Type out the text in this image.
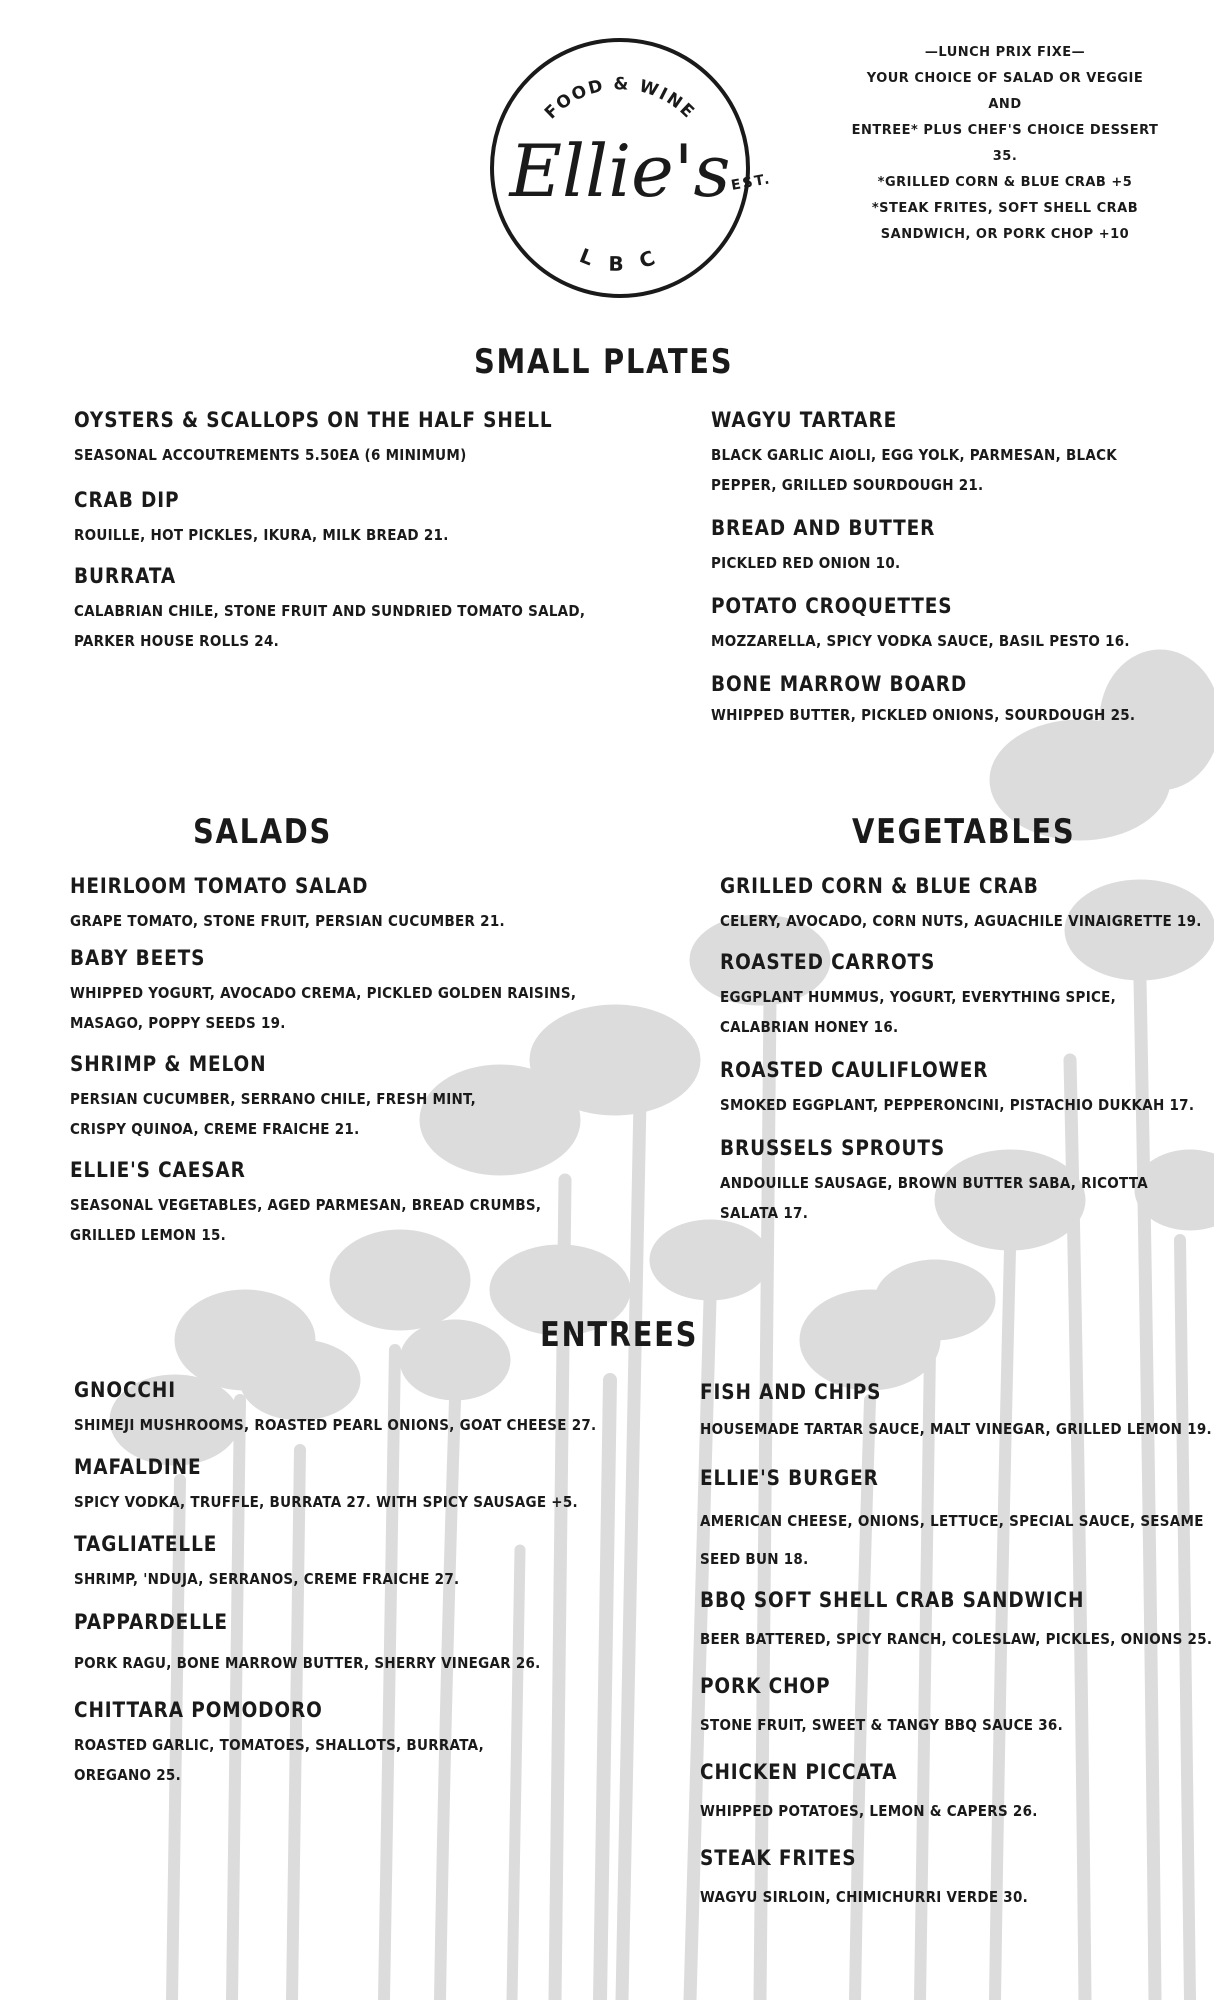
FOOD & WINE
Ellie's
L B C
EST.
—LUNCH PRIX FIXE—
YOUR CHOICE OF SALAD OR VEGGIE AND
ENTREE* PLUS CHEF'S CHOICE DESSERT 35.
*GRILLED CORN & BLUE CRAB +5
*STEAK FRITES, SOFT SHELL CRAB
SANDWICH, OR PORK CHOP +10
SMALL PLATES
OYSTERS & SCALLOPS ON THE HALF SHELL

SEASONAL ACCOUTREMENTS 5.50EA (6 MINIMUM)

CRAB DIP

ROUILLE, HOT PICKLES, IKURA, MILK BREAD 21.

BURRATA

CALABRIAN CHILE, STONE FRUIT AND SUNDRIED TOMATO SALAD,

PARKER HOUSE ROLLS 24.

WAGYU TARTARE

BLACK GARLIC AIOLI, EGG YOLK, PARMESAN, BLACK

PEPPER, GRILLED SOURDOUGH 21.

BREAD AND BUTTER

PICKLED RED ONION 10.

POTATO CROQUETTES

MOZZARELLA, SPICY VODKA SAUCE, BASIL PESTO 16.

BONE MARROW BOARD

WHIPPED BUTTER, PICKLED ONIONS, SOURDOUGH 25.

SALADS
HEIRLOOM TOMATO SALAD

GRAPE TOMATO, STONE FRUIT, PERSIAN CUCUMBER 21.

BABY BEETS

WHIPPED YOGURT, AVOCADO CREMA, PICKLED GOLDEN RAISINS,

MASAGO, POPPY SEEDS 19.

SHRIMP & MELON

PERSIAN CUCUMBER, SERRANO CHILE, FRESH MINT,

CRISPY QUINOA, CREME FRAICHE 21.

ELLIE'S CAESAR

SEASONAL VEGETABLES, AGED PARMESAN, BREAD CRUMBS,

GRILLED LEMON 15.

VEGETABLES
GRILLED CORN & BLUE CRAB

CELERY, AVOCADO, CORN NUTS, AGUACHILE VINAIGRETTE 19.

ROASTED CARROTS

EGGPLANT HUMMUS, YOGURT, EVERYTHING SPICE,

CALABRIAN HONEY 16.

ROASTED CAULIFLOWER

SMOKED EGGPLANT, PEPPERONCINI, PISTACHIO DUKKAH 17.

BRUSSELS SPROUTS

ANDOUILLE SAUSAGE, BROWN BUTTER SABA, RICOTTA

SALATA 17.

ENTREES
GNOCCHI

SHIMEJI MUSHROOMS, ROASTED PEARL ONIONS, GOAT CHEESE 27.

MAFALDINE

SPICY VODKA, TRUFFLE, BURRATA 27. WITH SPICY SAUSAGE +5.

TAGLIATELLE

SHRIMP, 'NDUJA, SERRANOS, CREME FRAICHE 27.

PAPPARDELLE

PORK RAGU, BONE MARROW BUTTER, SHERRY VINEGAR 26.

CHITTARA POMODORO

ROASTED GARLIC, TOMATOES, SHALLOTS, BURRATA,

OREGANO 25.

FISH AND CHIPS

HOUSEMADE TARTAR SAUCE, MALT VINEGAR, GRILLED LEMON 19.

ELLIE'S BURGER

AMERICAN CHEESE, ONIONS, LETTUCE, SPECIAL SAUCE, SESAME

SEED BUN 18.

BBQ SOFT SHELL CRAB SANDWICH

BEER BATTERED, SPICY RANCH, COLESLAW, PICKLES, ONIONS 25.

PORK CHOP

STONE FRUIT, SWEET & TANGY BBQ SAUCE 36.

CHICKEN PICCATA

WHIPPED POTATOES, LEMON & CAPERS 26.

STEAK FRITES

WAGYU SIRLOIN, CHIMICHURRI VERDE 30.
